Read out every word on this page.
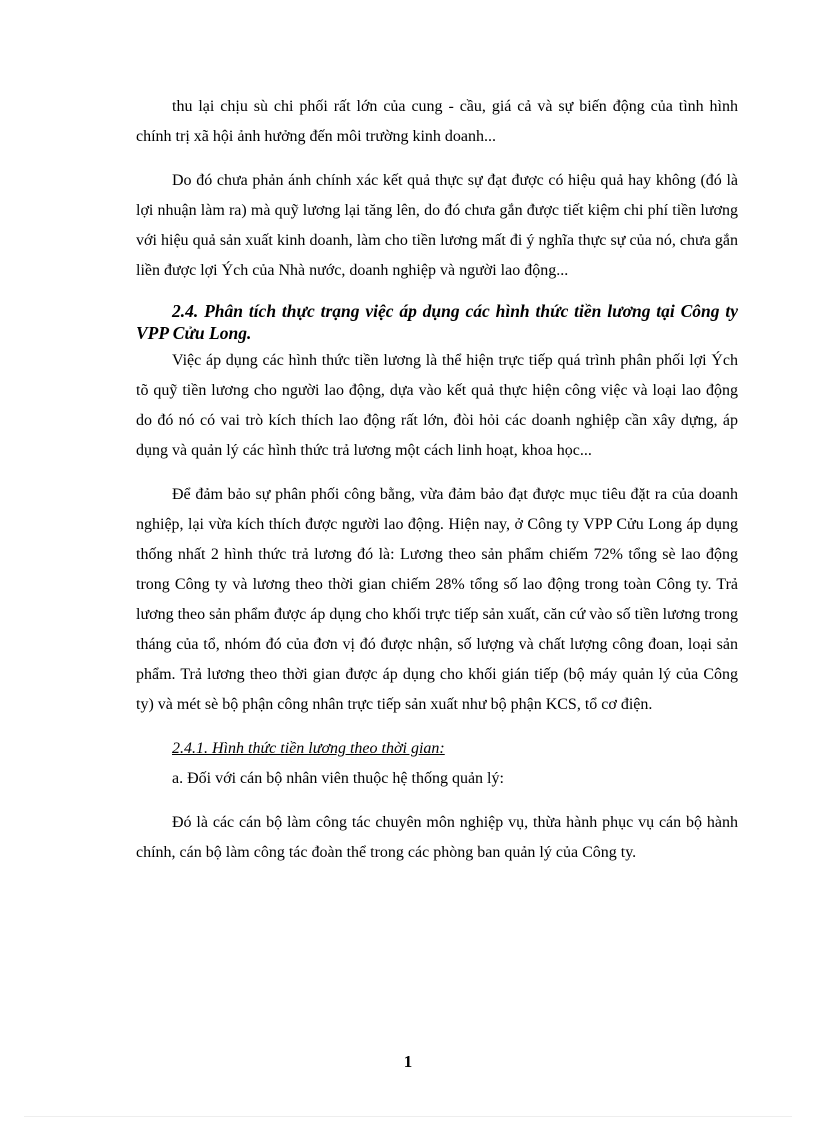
thu lại chịu sù chi phối rất lớn của cung - cầu, giá cả và sự biến động của tình hình chính trị xã hội ảnh hưởng đến môi trường kinh doanh...

Do đó chưa phản ánh chính xác kết quả thực sự đạt được có hiệu quả hay không (đó là lợi nhuận làm ra) mà quỹ lương lại tăng lên, do đó chưa gắn được tiết kiệm chi phí tiền lương với hiệu quả sản xuất kinh doanh, làm cho tiền lương mất đi ý nghĩa thực sự của nó, chưa gắn liền được lợi Ých của Nhà nước, doanh nghiệp và người lao động...

2.4. Phân tích thực trạng việc áp dụng các hình thức tiền lương tại Công ty VPP Cửu Long.

Việc áp dụng các hình thức tiền lương là thể hiện trực tiếp quá trình phân phối lợi Ých tõ quỹ tiền lương cho người lao động, dựa vào kết quả thực hiện công việc và loại lao động do đó nó có vai trò kích thích lao động rất lớn, đòi hỏi các doanh nghiệp cần xây dựng, áp dụng và quản lý các hình thức trả lương một cách linh hoạt, khoa học...

Để đảm bảo sự phân phối công bằng, vừa đảm bảo đạt được mục tiêu đặt ra của doanh nghiệp, lại vừa kích thích được người lao động. Hiện nay, ở Công ty VPP Cửu Long áp dụng thống nhất 2 hình thức trả lương đó là: Lương theo sản phẩm chiếm 72% tổng sè lao động trong Công ty và lương theo thời gian chiếm 28% tổng số lao động trong toàn Công ty. Trả lương theo sản phẩm được áp dụng cho khối trực tiếp sản xuất, căn cứ vào số tiền lương trong tháng của tổ, nhóm đó của đơn vị đó được nhận, số lượng và chất lượng công đoan, loại sản phẩm. Trả lương theo thời gian được áp dụng cho khối gián tiếp (bộ máy quản lý của Công ty) và mét sè bộ phận công nhân trực tiếp sản xuất như bộ phận KCS, tổ cơ điện.

2.4.1. Hình thức tiền lương theo thời gian:

a. Đối với cán bộ nhân viên thuộc hệ thống quản lý:

Đó là các cán bộ làm công tác chuyên môn nghiệp vụ, thừa hành phục vụ cán bộ hành chính, cán bộ làm công tác đoàn thể trong các phòng ban quản lý của Công ty.

1
